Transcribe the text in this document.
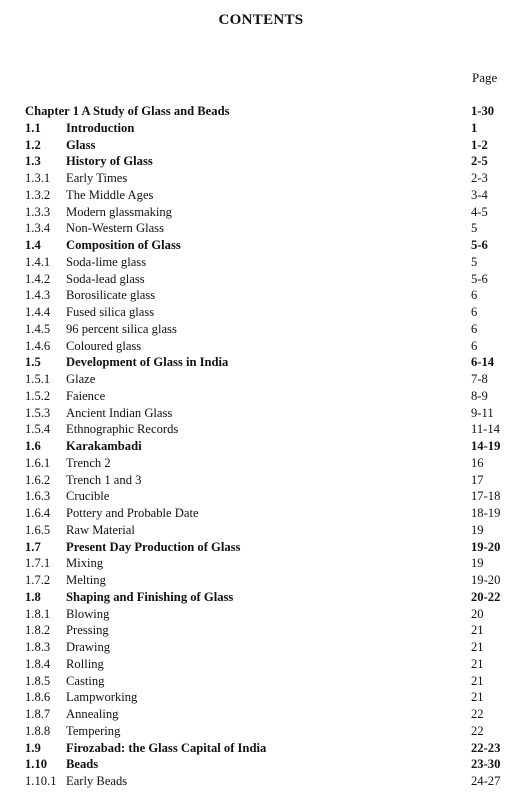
CONTENTS
Page
Chapter 1 A Study of Glass and Beads	1-30
1.1 Introduction	1
1.2 Glass	1-2
1.3 History of Glass	2-5
1.3.1 Early Times	2-3
1.3.2 The Middle Ages	3-4
1.3.3 Modern glassmaking	4-5
1.3.4 Non-Western Glass	5
1.4 Composition of Glass	5-6
1.4.1 Soda-lime glass	5
1.4.2 Soda-lead glass	5-6
1.4.3 Borosilicate glass	6
1.4.4 Fused silica glass	6
1.4.5 96 percent silica glass	6
1.4.6 Coloured glass	6
1.5 Development of Glass in India	6-14
1.5.1 Glaze	7-8
1.5.2 Faience	8-9
1.5.3 Ancient Indian Glass	9-11
1.5.4 Ethnographic Records	11-14
1.6 Karakambadi	14-19
1.6.1 Trench 2	16
1.6.2 Trench 1 and 3	17
1.6.3 Crucible	17-18
1.6.4 Pottery and Probable Date	18-19
1.6.5 Raw Material	19
1.7 Present Day Production of Glass	19-20
1.7.1 Mixing	19
1.7.2 Melting	19-20
1.8 Shaping and Finishing of Glass	20-22
1.8.1 Blowing	20
1.8.2 Pressing	21
1.8.3 Drawing	21
1.8.4 Rolling	21
1.8.5 Casting	21
1.8.6 Lampworking	21
1.8.7 Annealing	22
1.8.8 Tempering	22
1.9 Firozabad: the Glass Capital of India	22-23
1.10 Beads	23-30
1.10.1 Early Beads	24-27
